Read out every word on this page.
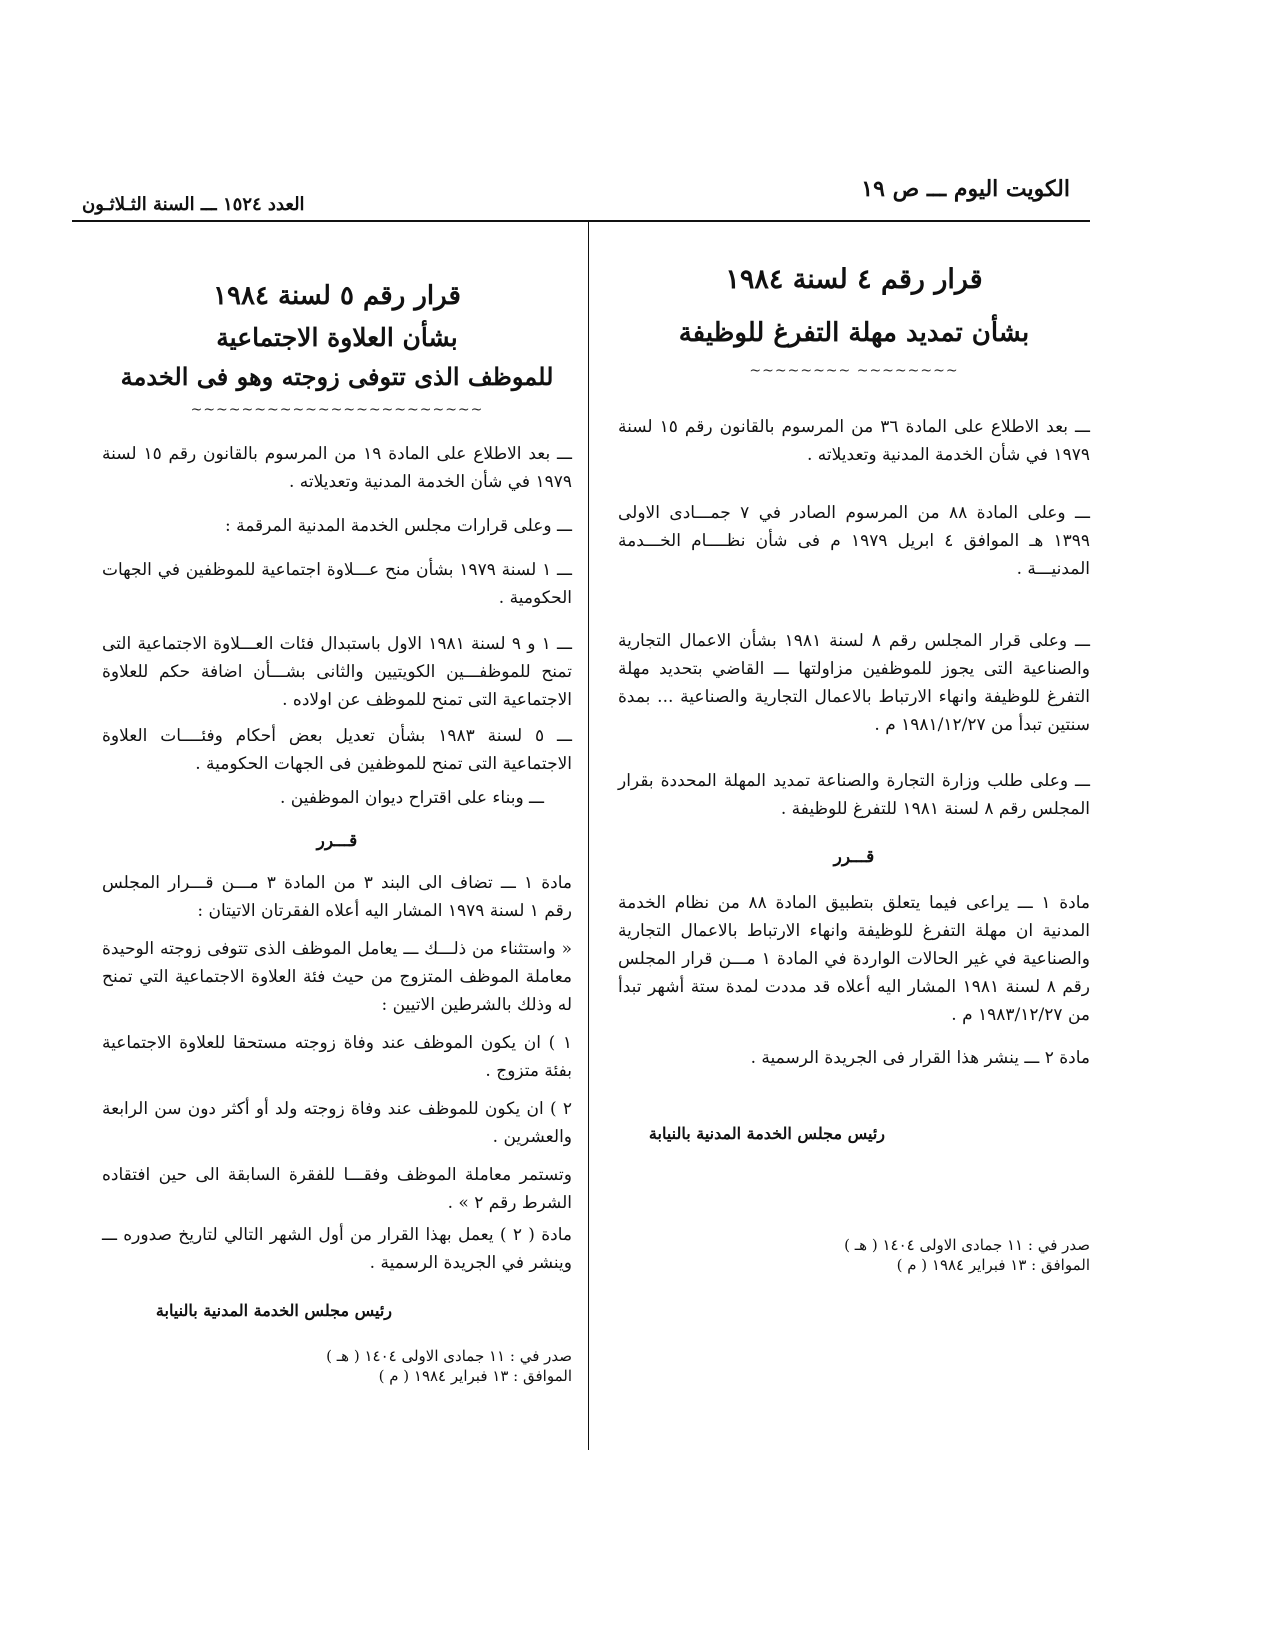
الكويت اليوم ـــ ص ١٩
العدد ١٥٢٤ ـــ السنة الثـلاثـون
قرار رقم ٤ لسنة ١٩٨٤
بشأن تمديد مهلة التفرغ للوظيفة
~~~~~~~~ ~~~~~~~~

ـــ بعد الاطلاع على المادة ٣٦ من المرسوم بالقانون رقم ١٥ لسنة ١٩٧٩ في شأن الخدمة المدنية وتعديلاته .

ـــ وعلى المادة ٨٨ من المرسوم الصادر في ٧ جمـــادى الاولى ١٣٩٩ هـ الموافق ٤ ابريل ١٩٧٩ م فى شأن نظــــام الخـــدمة المدنيـــة .

ـــ وعلى قرار المجلس رقم ٨ لسنة ١٩٨١ بشأن الاعمال التجارية والصناعية التى يجوز للموظفين مزاولتها ـــ القاضي بتحديد مهلة التفرغ للوظيفة وانهاء الارتباط بالاعمال التجارية والصناعية ... بمدة سنتين تبدأ من ١٩٨١/١٢/٢٧ م .

ـــ وعلى طلب وزارة التجارة والصناعة تمديد المهلة المحددة بقرار المجلس رقم ٨ لسنة ١٩٨١ للتفرغ للوظيفة .

قـــرر

مادة ١ ـــ يراعى فيما يتعلق بتطبيق المادة ٨٨ من نظام الخدمة المدنية ان مهلة التفرغ للوظيفة وانهاء الارتباط بالاعمال التجارية والصناعية في غير الحالات الواردة في المادة ١ مـــن قرار المجلس رقم ٨ لسنة ١٩٨١ المشار اليه أعلاه قد مددت لمدة ستة أشهر تبدأ من ١٩٨٣/١٢/٢٧ م .

مادة ٢ ـــ ينشر هذا القرار فى الجريدة الرسمية .

رئيس مجلس الخدمة المدنية بالنيابة
صدر في : ١١ جمادى الاولى ١٤٠٤ ( هـ )
الموافق : ١٣ فبراير ١٩٨٤ ( م )
قرار رقم ٥ لسنة ١٩٨٤
بشأن العلاوة الاجتماعية
للموظف الذى تتوفى زوجته وهو فى الخدمة
~~~~~~~~~~~~~~~~~~~~~~~

ـــ بعد الاطلاع على المادة ١٩ من المرسوم بالقانون رقم ١٥ لسنة ١٩٧٩ في شأن الخدمة المدنية وتعديلاته .

ـــ وعلى قرارات مجلس الخدمة المدنية المرقمة :

ـــ ١ لسنة ١٩٧٩ بشأن منح عـــلاوة اجتماعية للموظفين في الجهات الحكومية .

ـــ ١ و ٩ لسنة ١٩٨١ الاول باستبدال فئات العـــلاوة الاجتماعية التى تمنح للموظفـــين الكويتيين والثانى بشـــأن اضافة حكم للعلاوة الاجتماعية التى تمنح للموظف عن اولاده .

ـــ ٥ لسنة ١٩٨٣ بشأن تعديل بعض أحكام وفئــــات العلاوة الاجتماعية التى تمنح للموظفين فى الجهات الحكومية .

ـــ وبناء على اقتراح ديوان الموظفين .

قـــرر

مادة ١ ـــ تضاف الى البند ٣ من المادة ٣ مـــن قـــرار المجلس رقم ١ لسنة ١٩٧٩ المشار اليه أعلاه الفقرتان الاتيتان :

« واستثناء من ذلـــك ـــ يعامل الموظف الذى تتوفى زوجته الوحيدة معاملة الموظف المتزوج من حيث فئة العلاوة الاجتماعية التي تمنح له وذلك بالشرطين الاتيين :

١ ) ان يكون الموظف عند وفاة زوجته مستحقا للعلاوة الاجتماعية بفئة متزوج .

٢ ) ان يكون للموظف عند وفاة زوجته ولد أو أكثر دون سن الرابعة والعشرين .

وتستمر معاملة الموظف وفقـــا للفقرة السابقة الى حين افتقاده الشرط رقم ٢ » .

مادة ( ٢ ) يعمل بهذا القرار من أول الشهر التالي لتاريخ صدوره ـــ وينشر في الجريدة الرسمية .

رئيس مجلس الخدمة المدنية بالنيابة
صدر في : ١١ جمادى الاولى ١٤٠٤ ( هـ )
الموافق : ١٣ فبراير ١٩٨٤ ( م )
